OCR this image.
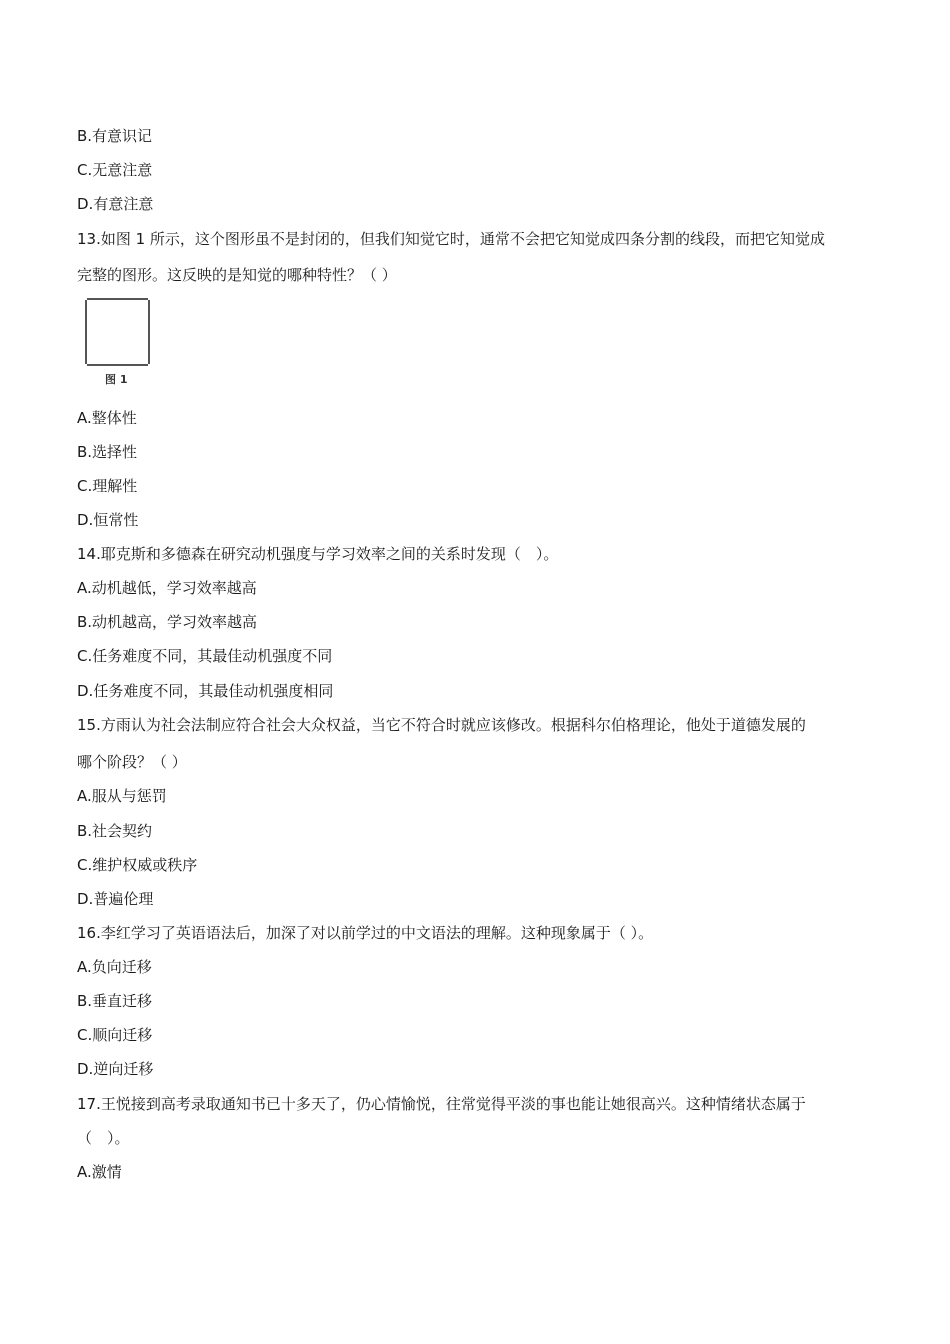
B.有意识记
C.无意注意
D.有意注意
13.如图 1 所示，这个图形虽不是封闭的，但我们知觉它时，通常不会把它知觉成四条分割的线段，而把它知觉成
完整的图形。这反映的是知觉的哪种特性？（ ）
图 1
A.整体性
B.选择性
C.理解性
D.恒常性
14.耶克斯和多德森在研究动机强度与学习效率之间的关系时发现（　）。
A.动机越低，学习效率越高
B.动机越高，学习效率越高
C.任务难度不同，其最佳动机强度不同
D.任务难度不同，其最佳动机强度相同
15.方雨认为社会法制应符合社会大众权益，当它不符合时就应该修改。根据科尔伯格理论，他处于道德发展的
哪个阶段？（ ）
A.服从与惩罚
B.社会契约
C.维护权威或秩序
D.普遍伦理
16.李红学习了英语语法后，加深了对以前学过的中文语法的理解。这种现象属于（ ）。
A.负向迁移
B.垂直迁移
C.顺向迁移
D.逆向迁移
17.王悦接到高考录取通知书已十多天了，仍心情愉悦，往常觉得平淡的事也能让她很高兴。这种情绪状态属于
（　）。
A.激情
